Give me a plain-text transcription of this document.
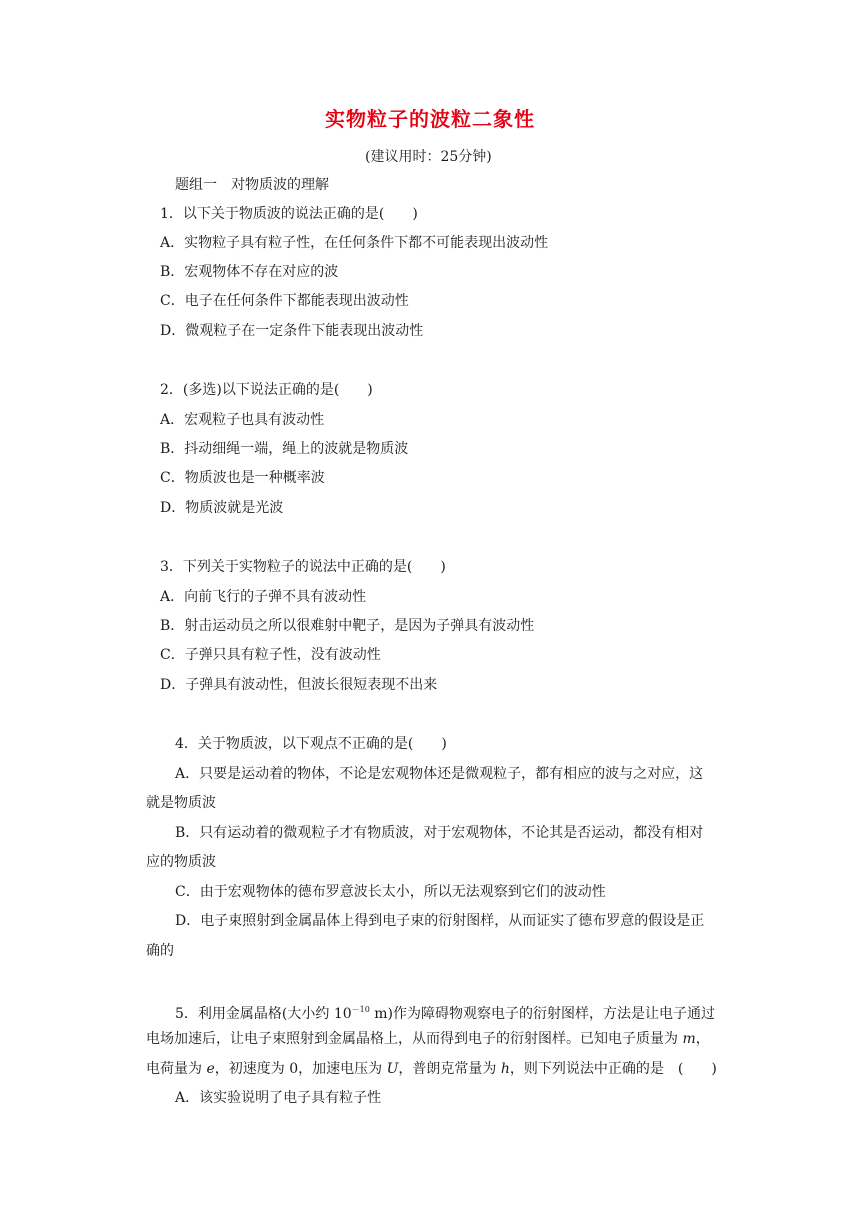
实物粒子的波粒二象性
(建议用时：25分钟)
题组一　对物质波的理解
1．以下关于物质波的说法正确的是(　　)
A．实物粒子具有粒子性，在任何条件下都不可能表现出波动性
B．宏观物体不存在对应的波
C．电子在任何条件下都能表现出波动性
D．微观粒子在一定条件下能表现出波动性
2．(多选)以下说法正确的是(　　)
A．宏观粒子也具有波动性
B．抖动细绳一端，绳上的波就是物质波
C．物质波也是一种概率波
D．物质波就是光波
3．下列关于实物粒子的说法中正确的是(　　)
A．向前飞行的子弹不具有波动性
B．射击运动员之所以很难射中靶子，是因为子弹具有波动性
C．子弹只具有粒子性，没有波动性
D．子弹具有波动性，但波长很短表现不出来
4．关于物质波，以下观点不正确的是(　　)
A．只要是运动着的物体，不论是宏观物体还是微观粒子，都有相应的波与之对应，这
就是物质波
B．只有运动着的微观粒子才有物质波，对于宏观物体，不论其是否运动，都没有相对
应的物质波
C．由于宏观物体的德布罗意波长太小，所以无法观察到它们的波动性
D．电子束照射到金属晶体上得到电子束的衍射图样，从而证实了德布罗意的假设是正
确的
5．利用金属晶格(大小约 $10^{-10}$ m)作为障碍物观察电子的衍射图样，方法是让电子通过
电场加速后，让电子束照射到金属晶格上，从而得到电子的衍射图样。已知电子质量为 m，
电荷量为 e，初速度为 0，加速电压为 U，普朗克常量为 h，则下列说法中正确的是　(　　)
A．该实验说明了电子具有粒子性
